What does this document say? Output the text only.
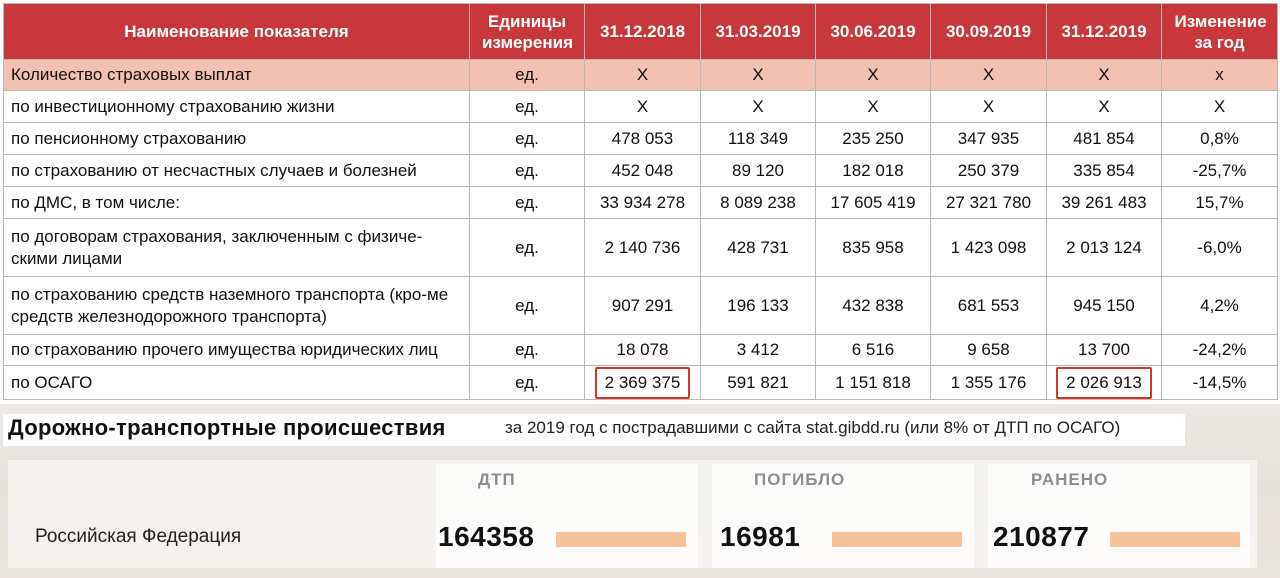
Наименование показателя	Единицы измерения	31.12.2018	31.03.2019	30.06.2019	30.09.2019	31.12.2019	Изменение за год
Количество страховых выплат	ед.	X	X	X	X	X	x
по инвестиционному страхованию жизни	ед.	X	X	X	X	X	X
по пенсионному страхованию	ед.	478 053	118 349	235 250	347 935	481 854	0,8%
по страхованию от несчастных случаев и болезней	ед.	452 048	89 120	182 018	250 379	335 854	-25,7%
по ДМС, в том числе:	ед.	33 934 278	8 089 238	17 605 419	27 321 780	39 261 483	15,7%

по договорам страхования, заключенным с физиче- скими лицами	ед.	2 140 736	428 731	835 958	1 423 098	2 013 124	-6,0%

по страхованию средств наземного транспорта (кро-ме средств железнодорожного транспорта)	ед.	907 291	196 133	432 838	681 553	945 150	4,2%
по страхованию прочего имущества юридических лиц	ед.	18 078	3 412	6 516	9 658	13 700	-24,2%
по ОСАГО	ед.	2 369 375	591 821	1 151 818	1 355 176	2 026 913	-14,5%
Дорожно-транспортные происшествия	за 2019 год с пострадавшими с сайта stat.gibdd.ru (или 8% от ДТП по ОСАГО)
ДТП	ПОГИБЛО	РАНЕНО
Российская Федерация	164358	16981	210877
